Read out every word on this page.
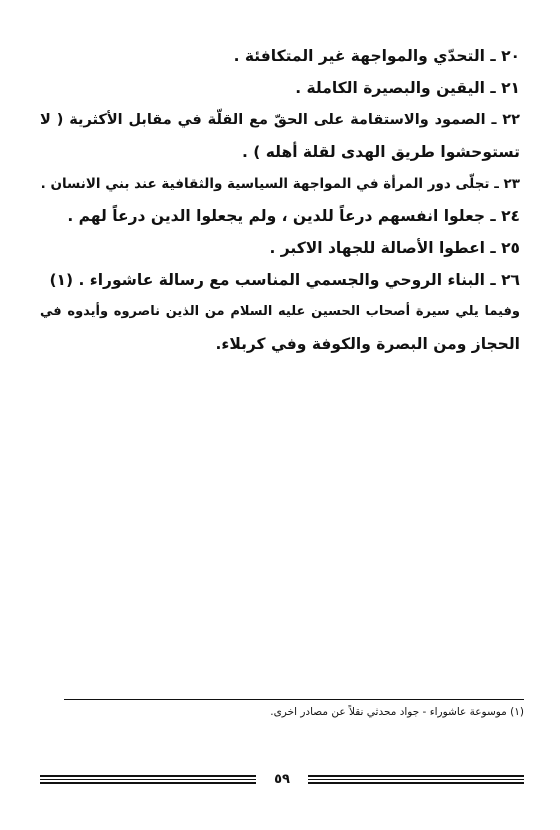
٢٠ ـ التحدّي والمواجهة غير المتكافئة .
٢١ ـ اليقين والبصيرة الكاملة .
٢٢ ـ الصمود والاستقامة على الحقّ مع القلّة في مقابل الأكثرية ( لا
تستوحشوا طريق الهدى لقلة أهله ) .
٢٣ ـ تجلّى دور المرأة في المواجهة السياسية والثقافية عند بني الانسان .
٢٤ ـ جعلوا انفسهم درعاً للدين ، ولم يجعلوا الدين درعاً لهم .
٢٥ ـ اعطوا الأصالة للجهاد الاكبر .
٢٦ ـ البناء الروحي والجسمي المناسب مع رسالة عاشوراء . (١)
وفيما يلي سيرة أصحاب الحسين عليه السلام من الذين ناصروه وأيدوه في
الحجاز ومن البصرة والكوفة وفي كربلاء.
(١) موسوعة عاشوراء - جواد محدثي نقلاً عن مصادر اخرى.
٥٩
